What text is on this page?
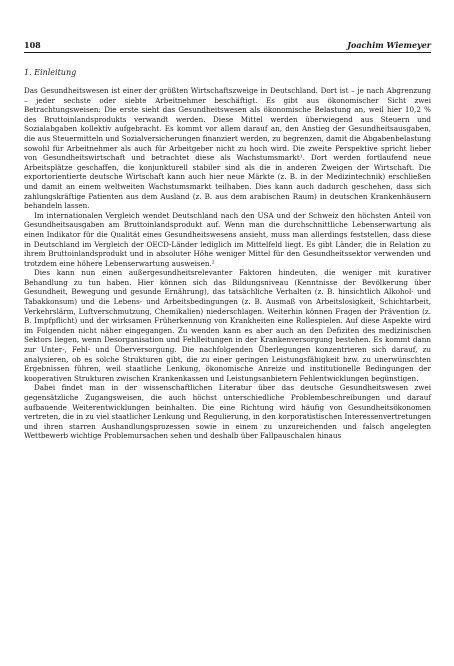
108	Joachim Wiemeyer
1. Einleitung

Das Gesundheitswesen ist einer der größten Wirtschaftszweige in Deutschland. Dort ist – je nach Abgrenzung – jeder sechste oder siebte Arbeitnehmer beschäftigt. Es gibt aus ökonomischer Sicht zwei Betrachtungsweisen: Die erste sieht das Gesundheitswesen als ökonomische Belastung an, weil hier 10,2 % des Bruttoinlandsprodukts verwandt werden. Diese Mittel werden überwiegend aus Steuern und Sozialabgaben kollektiv aufgebracht. Es kommt vor allem darauf an, den Anstieg der Gesundheitsausgaben, die aus Steuermitteln und Sozialversicherungen finanziert werden, zu begrenzen, damit die Abgabenbelastung sowohl für Arbeitnehmer als auch für Arbeitgeber nicht zu hoch wird. Die zweite Perspektive spricht lieber von Gesundheitswirtschaft und betrachtet diese als Wachstumsmarkt¹. Dort werden fortlaufend neue Arbeitsplätze geschaffen, die konjunkturell stabiler sind als die in anderen Zweigen der Wirtschaft. Die exportorientierte deutsche Wirtschaft kann auch hier neue Märkte (z. B. in der Medizintechnik) erschließen und damit an einem weltweiten Wachstumsmarkt teilhaben. Dies kann auch dadurch geschehen, dass sich zahlungskräftige Patienten aus dem Ausland (z. B. aus dem arabischen Raum) in deutschen Krankenhäusern behandeln lassen.

Im internationalen Vergleich wendet Deutschland nach den USA und der Schweiz den höchsten Anteil von Gesundheitsausgaben am Bruttoinlandsprodukt auf. Wenn man die durchschnittliche Lebenserwartung als einen Indikator für die Qualität eines Gesundheitswesens ansieht, muss man allerdings feststellen, dass diese in Deutschland im Vergleich der OECD-Länder lediglich im Mittelfeld liegt. Es gibt Länder, die in Relation zu ihrem Bruttoinlandsprodukt und in absoluter Höhe weniger Mittel für den Gesundheitssektor verwenden und trotzdem eine höhere Lebenserwartung ausweisen.²

Dies kann nun einen außergesundheitsrelevanter Faktoren hindeuten, die weniger mit kurativer Behandlung zu tun haben. Hier können sich das Bildungsniveau (Kenntnisse der Bevölkerung über Gesundheit, Bewegung und gesunde Ernährung), das tatsächliche Verhalten (z. B. hinsichtlich Alkohol- und Tabakkonsum) und die Lebens- und Arbeitsbedingungen (z. B. Ausmaß von Arbeitslosigkeit, Schichtarbeit, Verkehrslärm, Luftverschmutzung, Chemikalien) niederschlagen. Weiterhin können Fragen der Prävention (z. B. Impfpflicht) und der wirksamen Früherkennung von Krankheiten eine Rollespielen. Auf diese Aspekte wird im Folgenden nicht näher eingegangen. Zu wenden kann es aber auch an den Defiziten des medizinischen Sektors liegen, wenn Desorganisation und Fehlleitungen in der Krankenversorgung bestehen. Es kommt dann zur Unter-, Fehl- und Überversorgung. Die nachfolgenden Überlegungen konzentrieren sich darauf, zu analysieren, ob es solche Strukturen gibt, die zu einer geringen Leistungsfähigkeit bzw. zu unerwünschten Ergebnissen führen, weil staatliche Lenkung, ökonomische Anreize und institutionelle Bedingungen der kooperativen Strukturen zwischen Krankenkassen und Leistungsanbietern Fehlentwicklungen begünstigen.

Dabei findet man in der wissenschaftlichen Literatur über das deutsche Gesundheitswesen zwei gegensätzliche Zugangsweisen, die auch höchst unterschiedliche Problembeschreibungen und darauf aufbauende Weiterentwicklungen beinhalten. Die eine Richtung wird häufig von Gesundheitsökonomen vertreten, die in zu viel staatlicher Lenkung und Regulierung, in den korporatistischen Interessenvertretungen und ihren starren Aushandlungsprozessen sowie in einem zu unzureichenden und falsch angelegten Wettbewerb wichtige Problemursachen sehen und deshalb über Fallpauschalen hinaus
